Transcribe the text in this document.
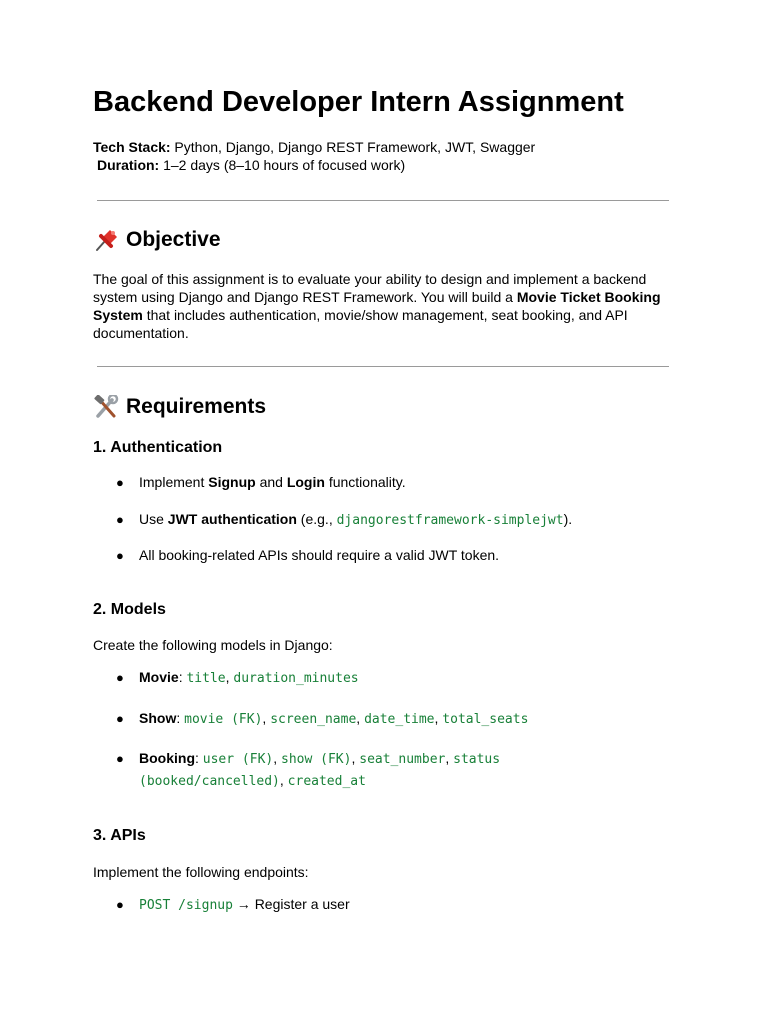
Backend Developer Intern Assignment
Tech Stack: Python, Django, Django REST Framework, JWT, Swagger
Duration: 1–2 days (8–10 hours of focused work)
Objective

The goal of this assignment is to evaluate your ability to design and implement a backend system using Django and Django REST Framework. You will build a Movie Ticket Booking System that includes authentication, movie/show management, seat booking, and API documentation.

Requirements
1. Authentication
● Implement Signup and Login functionality.
● Use JWT authentication (e.g., djangorestframework-simplejwt).
● All booking-related APIs should require a valid JWT token.
2. Models

Create the following models in Django:

● Movie: title, duration_minutes
● Show: movie (FK), screen_name, date_time, total_seats
● Booking: user (FK), show (FK), seat_number, status (booked/cancelled), created_at
3. APIs

Implement the following endpoints:

● POST /signup → Register a user
